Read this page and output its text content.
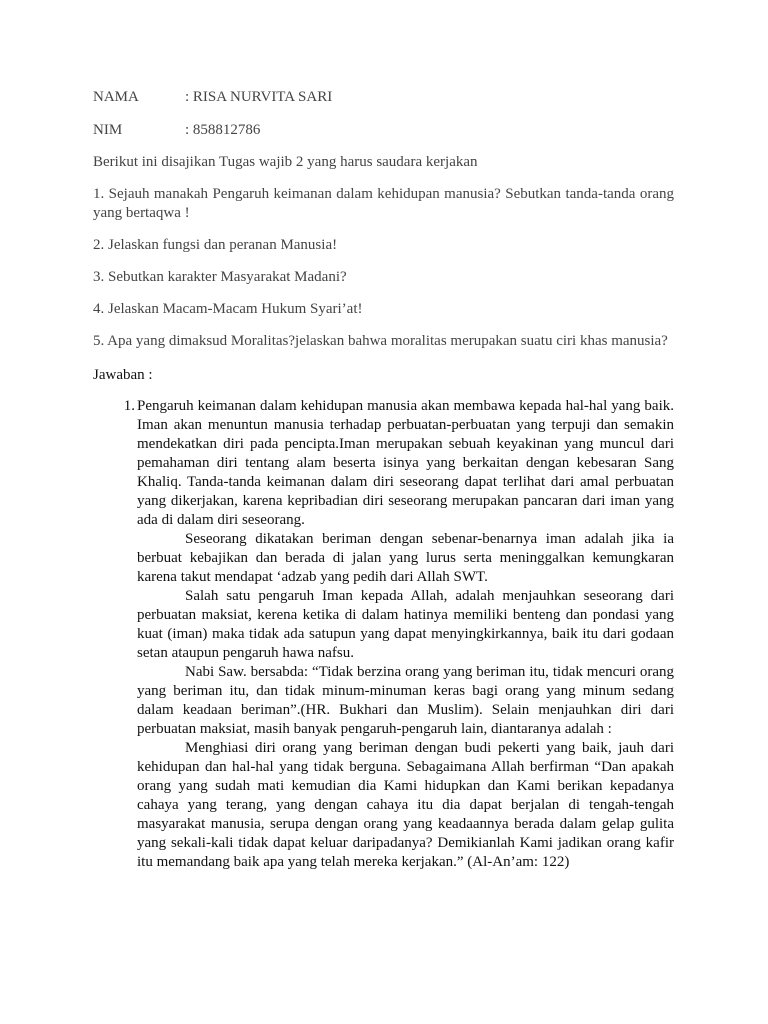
NAMA	: RISA NURVITA SARI
NIM	: 858812786

Berikut ini disajikan Tugas wajib 2 yang harus saudara kerjakan

1. Sejauh manakah Pengaruh keimanan dalam kehidupan manusia? Sebutkan tanda-tanda orang yang bertaqwa !

2. Jelaskan fungsi dan peranan Manusia!

3. Sebutkan karakter Masyarakat Madani?

4. Jelaskan Macam-Macam Hukum Syari’at!

5. Apa yang dimaksud Moralitas?jelaskan bahwa moralitas merupakan suatu ciri khas manusia?

Jawaban :

1. Pengaruh keimanan dalam kehidupan manusia akan membawa kepada hal-hal yang baik. Iman akan menuntun manusia terhadap perbuatan-perbuatan yang terpuji dan semakin mendekatkan diri pada pencipta.Iman merupakan sebuah keyakinan yang muncul dari pemahaman diri tentang alam beserta isinya yang berkaitan dengan kebesaran Sang Khaliq. Tanda-tanda keimanan dalam diri seseorang dapat terlihat dari amal perbuatan yang dikerjakan, karena kepribadian diri seseorang merupakan pancaran dari iman yang ada di dalam diri seseorang.

Seseorang dikatakan beriman dengan sebenar-benarnya iman adalah jika ia berbuat kebajikan dan berada di jalan yang lurus serta meninggalkan kemungkaran karena takut mendapat ‘adzab yang pedih dari Allah SWT.

Salah satu pengaruh Iman kepada Allah, adalah menjauhkan seseorang dari perbuatan maksiat, kerena ketika di dalam hatinya memiliki benteng dan pondasi yang kuat (iman) maka tidak ada satupun yang dapat menyingkirkannya, baik itu dari godaan setan ataupun pengaruh hawa nafsu.

Nabi Saw. bersabda: “Tidak berzina orang yang beriman itu, tidak mencuri orang yang beriman itu, dan tidak minum-minuman keras bagi orang yang minum sedang dalam keadaan beriman”.(HR. Bukhari dan Muslim). Selain menjauhkan diri dari perbuatan maksiat, masih banyak pengaruh-pengaruh lain, diantaranya adalah :

Menghiasi diri orang yang beriman dengan budi pekerti yang baik, jauh dari kehidupan dan hal-hal yang tidak berguna. Sebagaimana Allah berfirman “Dan apakah orang yang sudah mati kemudian dia Kami hidupkan dan Kami berikan kepadanya cahaya yang terang, yang dengan cahaya itu dia dapat berjalan di tengah-tengah masyarakat manusia, serupa dengan orang yang keadaannya berada dalam gelap gulita yang sekali-kali tidak dapat keluar daripadanya? Demikianlah Kami jadikan orang kafir itu memandang baik apa yang telah mereka kerjakan.” (Al-An’am: 122)
